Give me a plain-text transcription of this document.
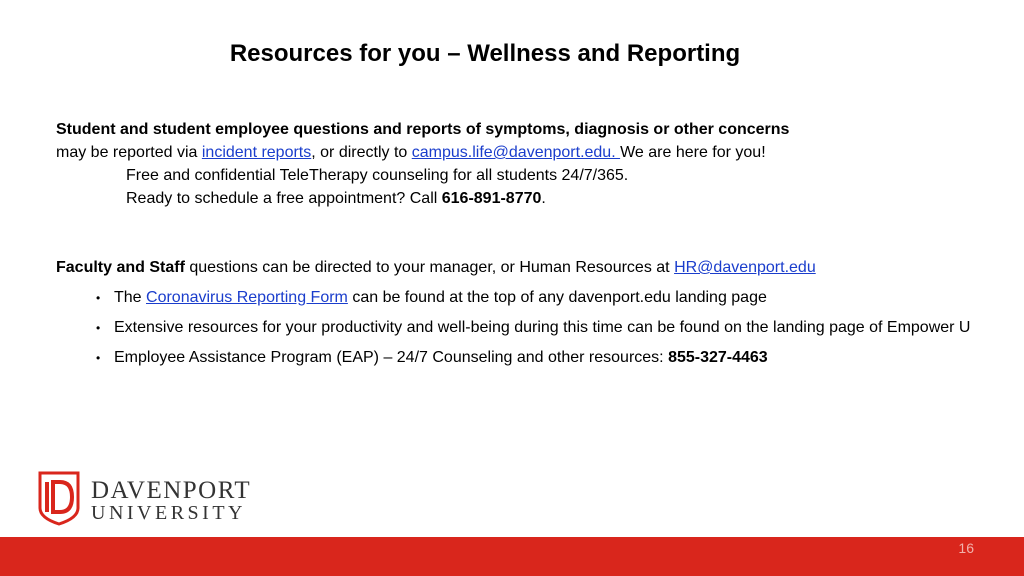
Resources for you – Wellness and Reporting
Student and student employee questions and reports of symptoms, diagnosis or other concerns
may be reported via incident reports, or directly to campus.life@davenport.edu. We are here for you!
Free and confidential TeleTherapy counseling for all students 24/7/365.
Ready to schedule a free appointment? Call 616-891-8770.
Faculty and Staff questions can be directed to your manager, or Human Resources at HR@davenport.edu
• The Coronavirus Reporting Form can be found at the top of any davenport.edu landing page
• Extensive resources for your productivity and well-being during this time can be found on the landing page of Empower U
• Employee Assistance Program (EAP) – 24/7 Counseling and other resources: 855-327-4463
DAVENPORT
UNIVERSITY
16
